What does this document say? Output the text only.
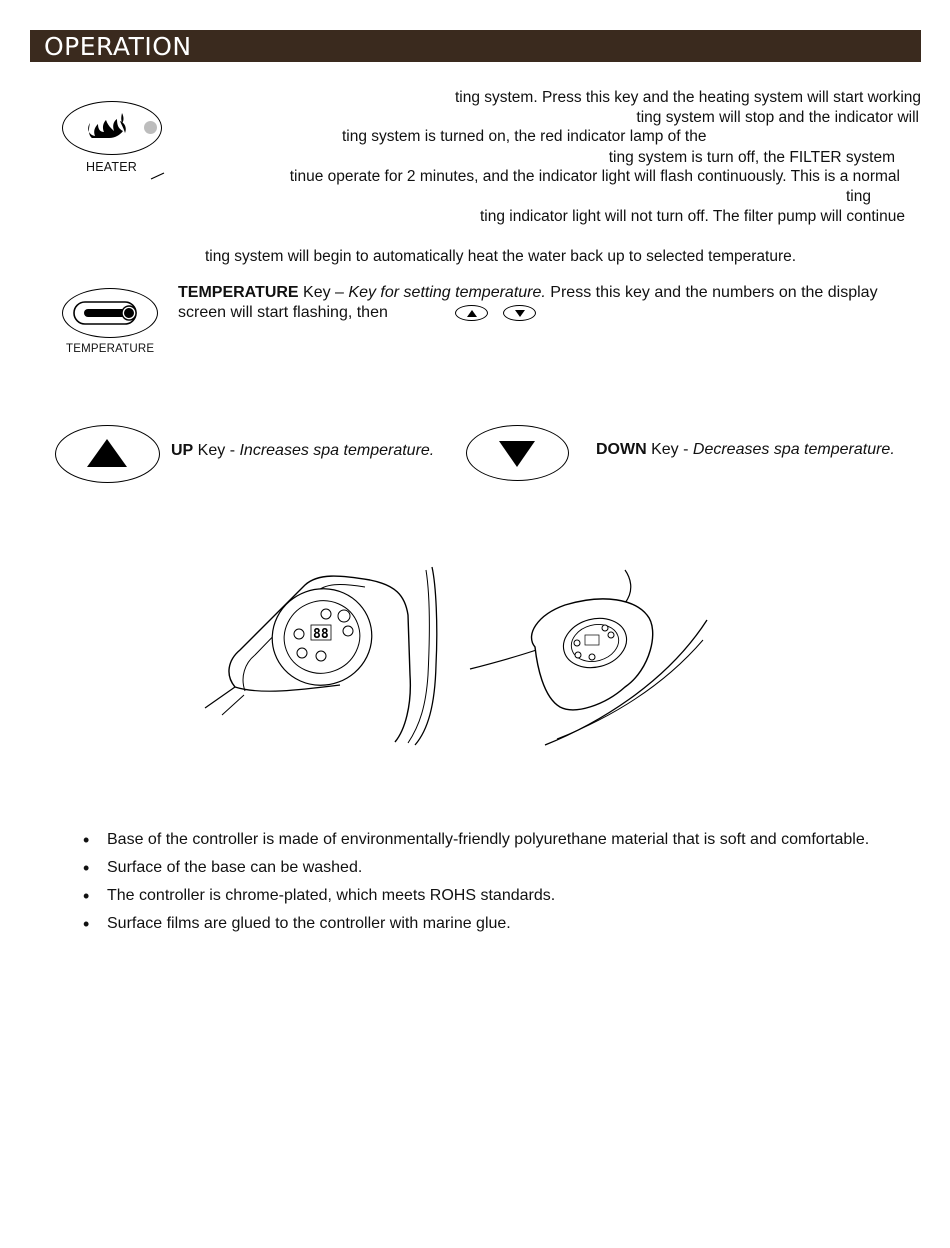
OPERATION
HEATER
ting system. Press this key and the heating system will start working
ting system will stop and the indicator will
ting system is turned on, the red indicator lamp of the
ting system is turn off, the FILTER system
tinue operate for 2 minutes, and the indicator light will flash continuously. This is a normal
ting
ting indicator light will not turn off. The filter pump will continue
ting system will begin to automatically heat the water back up to selected temperature.
TEMPERATURE
TEMPERATURE Key – Key for setting temperature. Press this key and the numbers on the display
screen will start flashing, then
UP Key - Increases spa temperature.	DOWN Key - Decreases spa temperature.
88
• Base of the controller is made of environmentally-friendly polyurethane material that is soft and comfortable.
• Surface of the base can be washed.
• The controller is chrome-plated, which meets ROHS standards.
• Surface films are glued to the controller with marine glue.
